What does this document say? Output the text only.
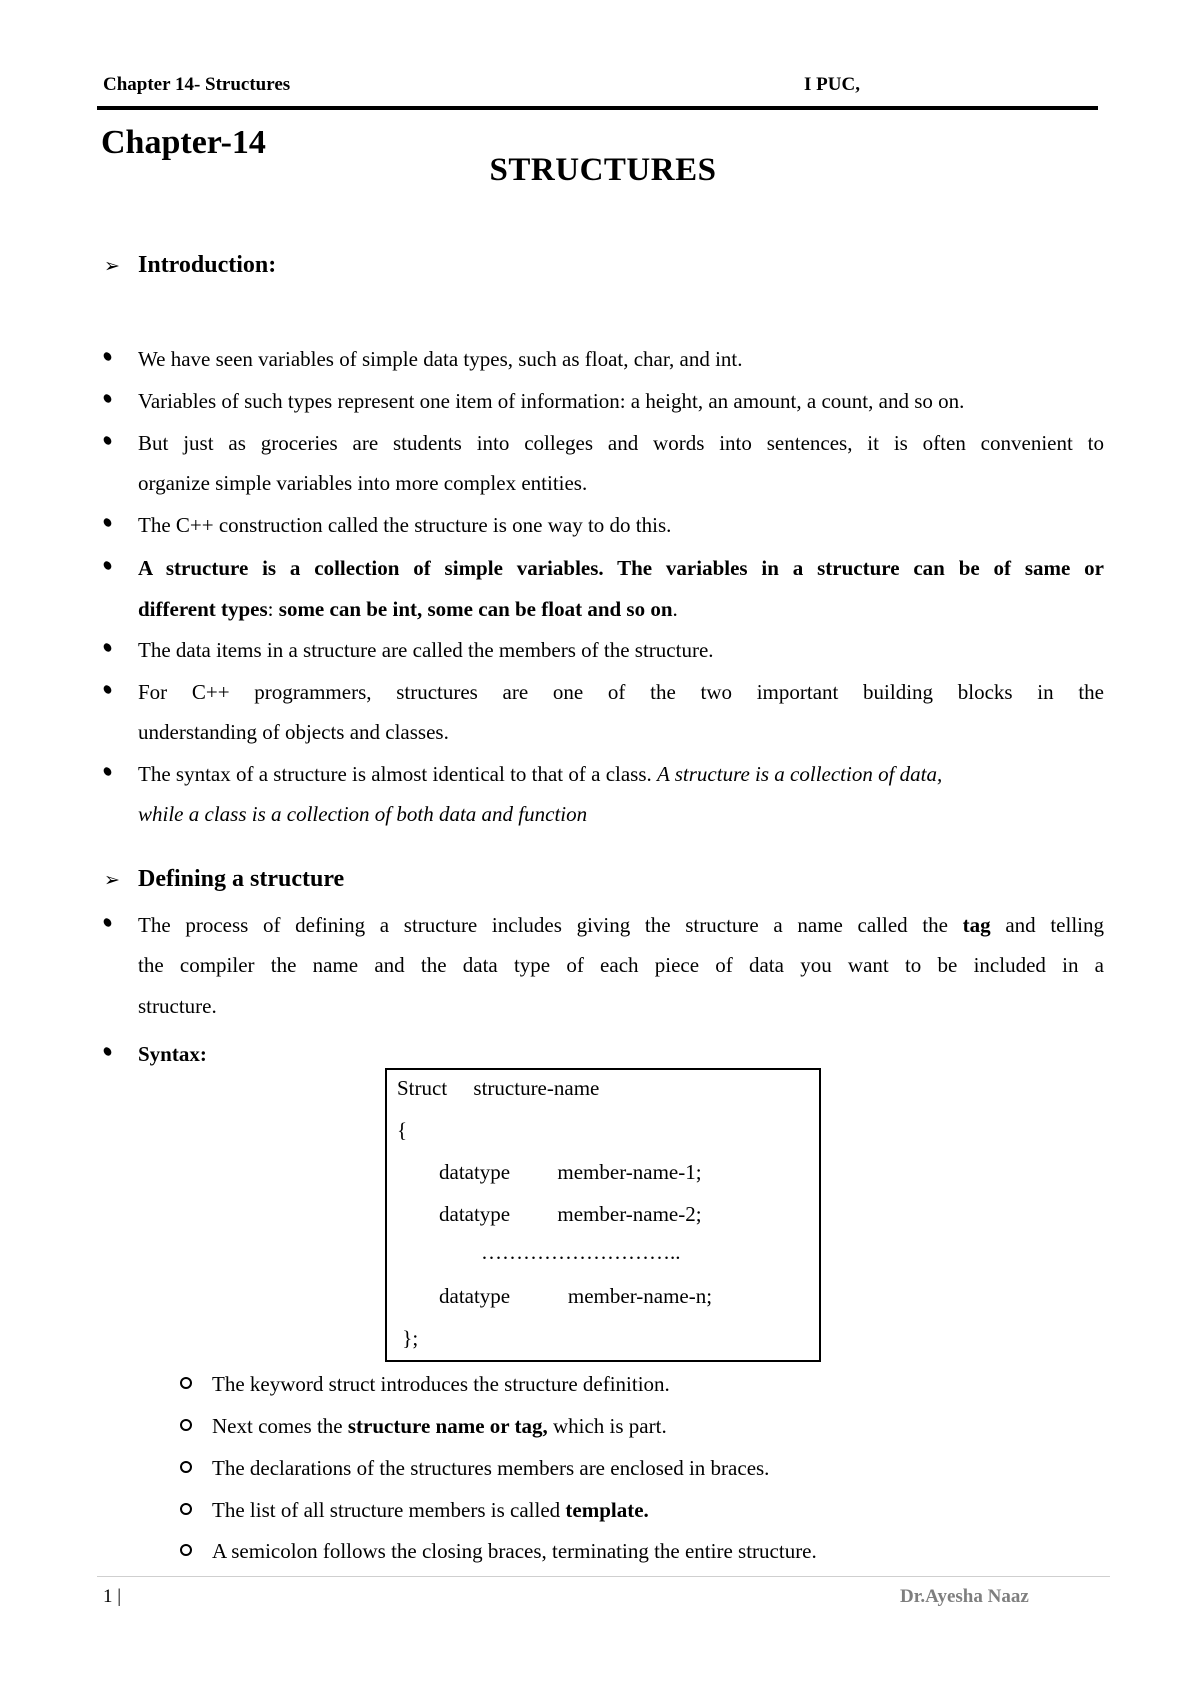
Chapter 14- Structures	I PUC,
Chapter-14
STRUCTURES
➢ Introduction:
We have seen variables of simple data types, such as float, char, and int.
Variables of such types represent one item of information: a height, an amount, a count, and so on.
But just as groceries are students into colleges and words into sentences, it is often convenient to
organize simple variables into more complex entities.
The C++ construction called the structure is one way to do this.
A structure is a collection of simple variables. The variables in a structure can be of same or
different types: some can be int, some can be float and so on.
The data items in a structure are called the members of the structure.
For C++ programmers, structures are one of the two important building blocks in the
understanding of objects and classes.
The syntax of a structure is almost identical to that of a class. A structure is a collection of data,
while a class is a collection of both data and function
➢ Defining a structure
The process of defining a structure includes giving the structure a name called the tag and telling
the compiler the name and the data type of each piece of data you want to be included in a
structure.
Syntax:
Struct     structure-name
{
datatype         member-name-1;
datatype         member-name-2;
………………………..
datatype           member-name-n;
};
The keyword struct introduces the structure definition.
Next comes the structure name or tag, which is part.
The declarations of the structures members are enclosed in braces.
The list of all structure members is called template.
A semicolon follows the closing braces, terminating the entire structure.
1 |	Dr.Ayesha Naaz
